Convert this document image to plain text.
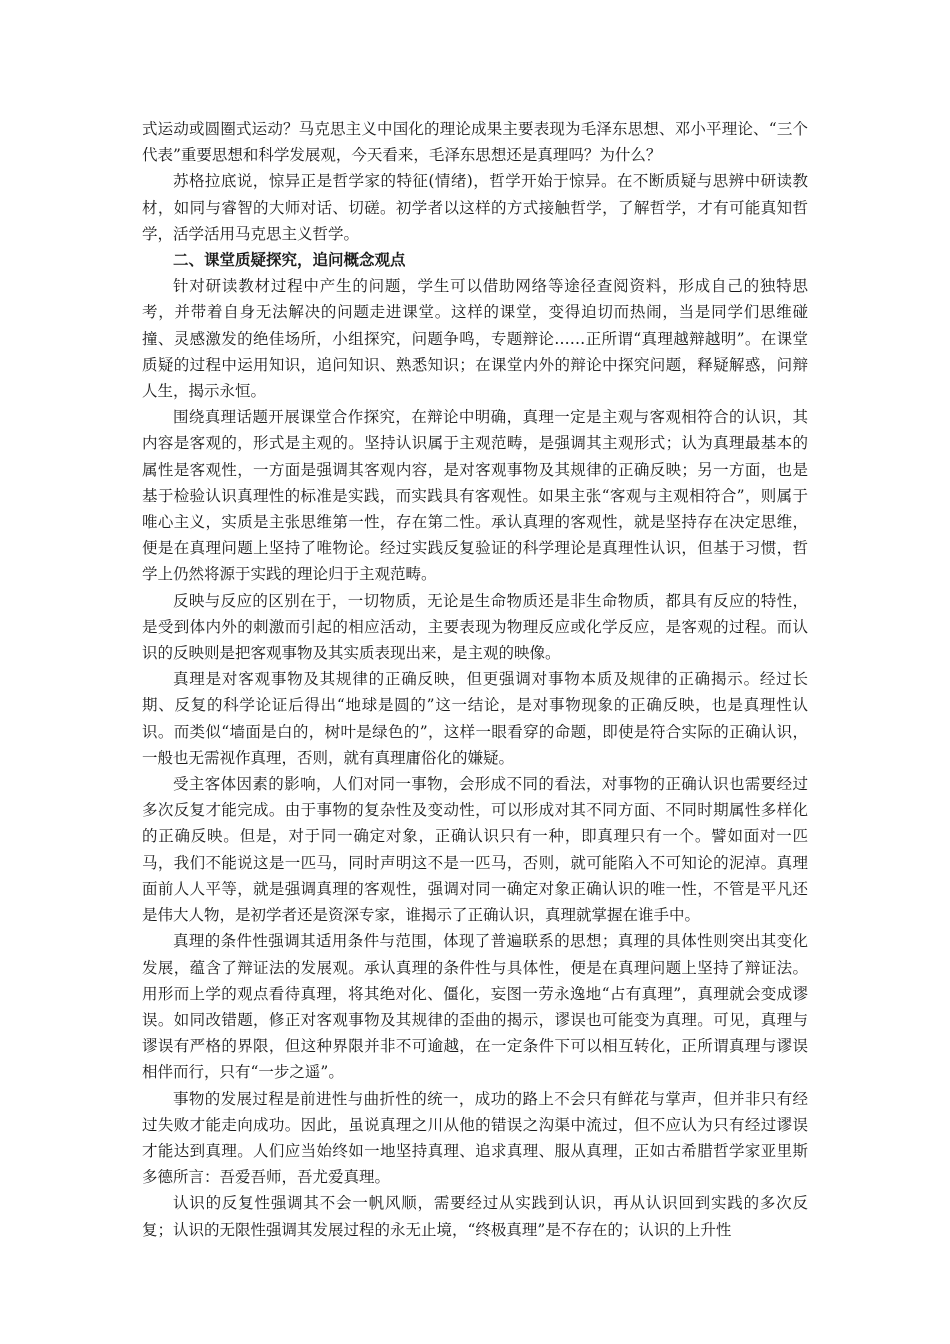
式运动或圆圈式运动？马克思主义中国化的理论成果主要表现为毛泽东思想、邓小平理论、“三个代表”重要思想和科学发展观，今天看来，毛泽东思想还是真理吗？为什么？

苏格拉底说，惊异正是哲学家的特征(情绪)，哲学开始于惊异。在不断质疑与思辨中研读教材，如同与睿智的大师对话、切磋。初学者以这样的方式接触哲学，了解哲学，才有可能真知哲学，活学活用马克思主义哲学。

二、课堂质疑探究，追问概念观点

针对研读教材过程中产生的问题，学生可以借助网络等途径查阅资料，形成自己的独特思考，并带着自身无法解决的问题走进课堂。这样的课堂，变得迫切而热闹，当是同学们思维碰撞、灵感激发的绝佳场所，小组探究，问题争鸣，专题辩论……正所谓“真理越辩越明”。在课堂质疑的过程中运用知识，追问知识、熟悉知识；在课堂内外的辩论中探究问题，释疑解惑，问辩人生，揭示永恒。

围绕真理话题开展课堂合作探究，在辩论中明确，真理一定是主观与客观相符合的认识，其内容是客观的，形式是主观的。坚持认识属于主观范畴，是强调其主观形式；认为真理最基本的属性是客观性，一方面是强调其客观内容，是对客观事物及其规律的正确反映；另一方面，也是基于检验认识真理性的标准是实践，而实践具有客观性。如果主张“客观与主观相符合”，则属于唯心主义，实质是主张思维第一性，存在第二性。承认真理的客观性，就是坚持存在决定思维，便是在真理问题上坚持了唯物论。经过实践反复验证的科学理论是真理性认识，但基于习惯，哲学上仍然将源于实践的理论归于主观范畴。

反映与反应的区别在于，一切物质，无论是生命物质还是非生命物质，都具有反应的特性，是受到体内外的刺激而引起的相应活动，主要表现为物理反应或化学反应，是客观的过程。而认识的反映则是把客观事物及其实质表现出来，是主观的映像。

真理是对客观事物及其规律的正确反映，但更强调对事物本质及规律的正确揭示。经过长期、反复的科学论证后得出“地球是圆的”这一结论，是对事物现象的正确反映，也是真理性认识。而类似“墙面是白的，树叶是绿色的”，这样一眼看穿的命题，即使是符合实际的正确认识，一般也无需视作真理，否则，就有真理庸俗化的嫌疑。

受主客体因素的影响，人们对同一事物，会形成不同的看法，对事物的正确认识也需要经过多次反复才能完成。由于事物的复杂性及变动性，可以形成对其不同方面、不同时期属性多样化的正确反映。但是，对于同一确定对象，正确认识只有一种，即真理只有一个。譬如面对一匹马，我们不能说这是一匹马，同时声明这不是一匹马，否则，就可能陷入不可知论的泥淖。真理面前人人平等，就是强调真理的客观性，强调对同一确定对象正确认识的唯一性，不管是平凡还是伟大人物，是初学者还是资深专家，谁揭示了正确认识，真理就掌握在谁手中。

真理的条件性强调其适用条件与范围，体现了普遍联系的思想；真理的具体性则突出其变化发展，蕴含了辩证法的发展观。承认真理的条件性与具体性，便是在真理问题上坚持了辩证法。用形而上学的观点看待真理，将其绝对化、僵化，妄图一劳永逸地“占有真理”，真理就会变成谬误。如同改错题，修正对客观事物及其规律的歪曲的揭示，谬误也可能变为真理。可见，真理与谬误有严格的界限，但这种界限并非不可逾越，在一定条件下可以相互转化，正所谓真理与谬误相伴而行，只有“一步之遥”。

事物的发展过程是前进性与曲折性的统一，成功的路上不会只有鲜花与掌声，但并非只有经过失败才能走向成功。因此，虽说真理之川从他的错误之沟渠中流过，但不应认为只有经过谬误才能达到真理。人们应当始终如一地坚持真理、追求真理、服从真理，正如古希腊哲学家亚里斯多德所言：吾爱吾师，吾尤爱真理。

认识的反复性强调其不会一帆风顺，需要经过从实践到认识，再从认识回到实践的多次反复；认识的无限性强调其发展过程的永无止境，“终极真理”是不存在的；认识的上升性
